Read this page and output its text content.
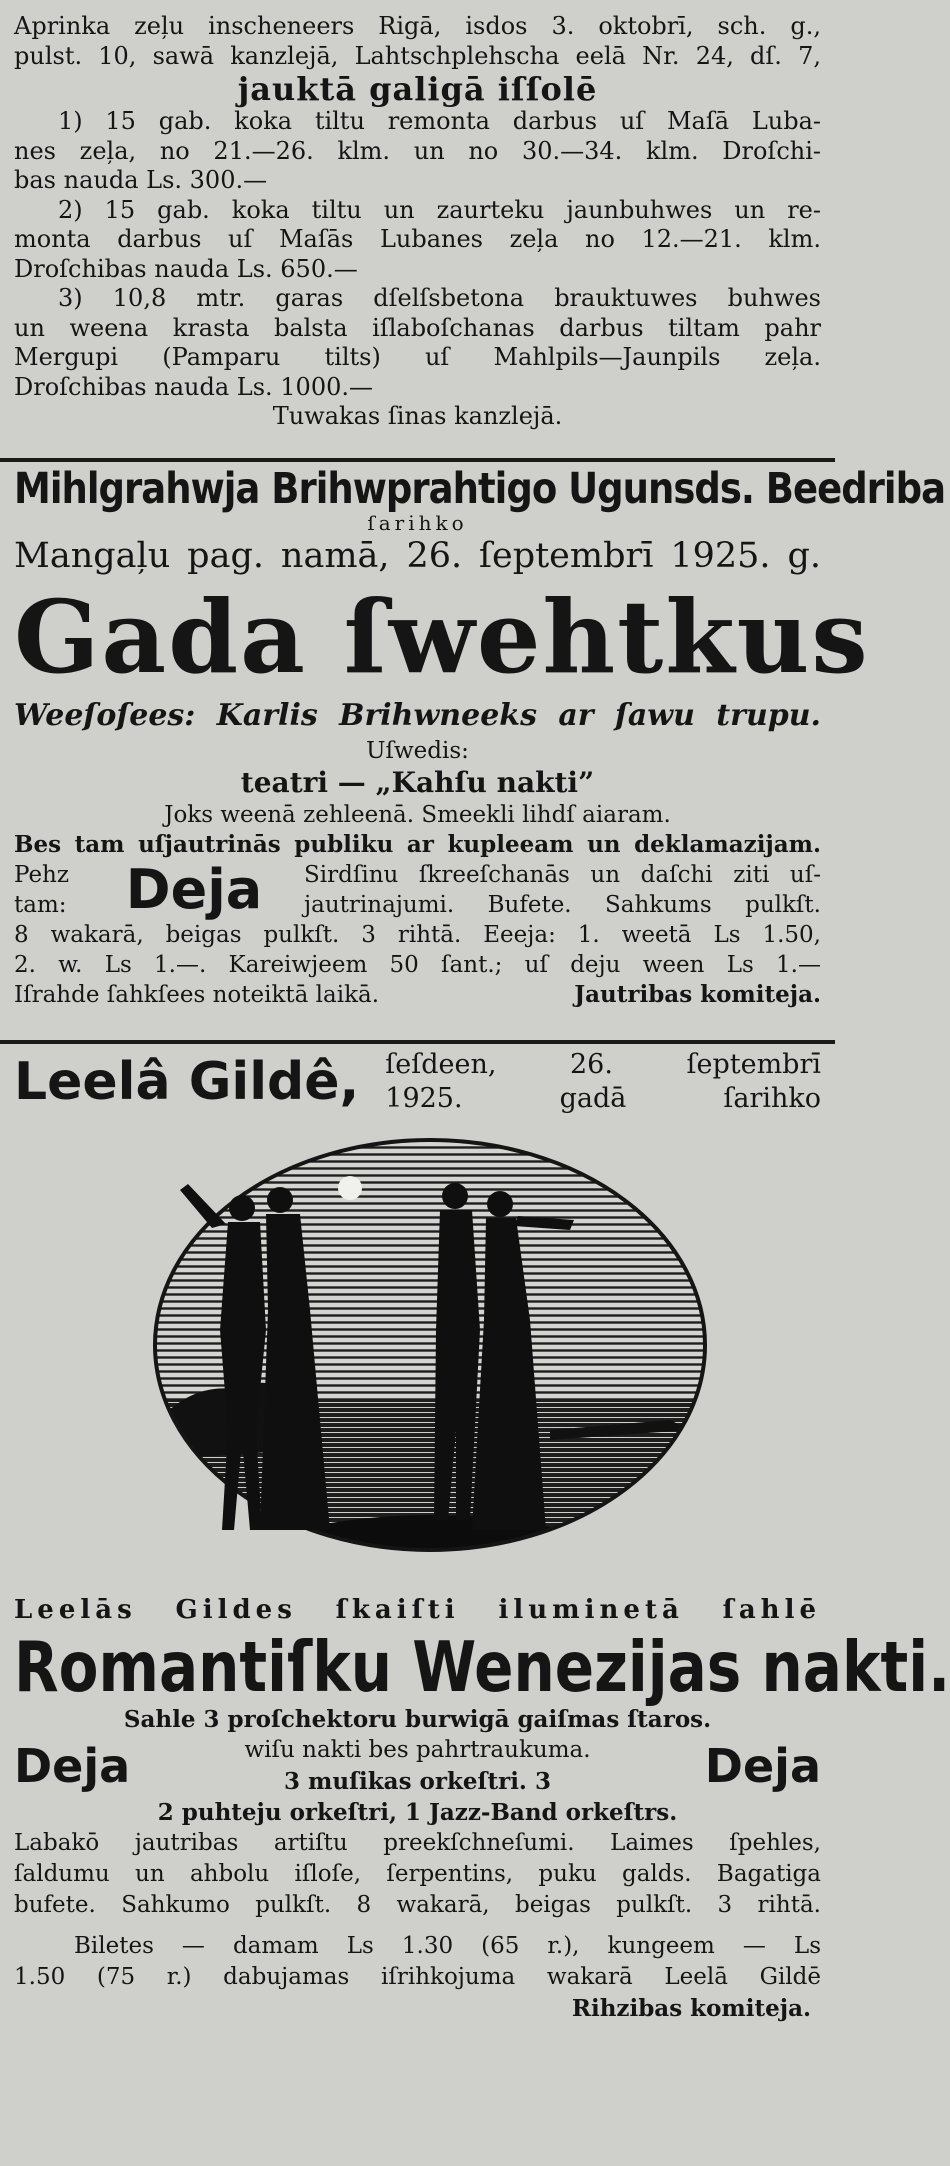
Aprinka zeļu inscheneers Rigā, isdos 3. oktobrī, sch. g.,
pulst. 10, sawā kanzlejā, Lahtschplehscha eelā Nr. 24, dſ. 7,
jauktā galigā iſſolē
1) 15 gab. koka tiltu remonta darbus uſ Maſā Luba-
nes zeļa, no 21.—26. klm. un no 30.—34. klm. Droſchi-
bas nauda Ls. 300.—
2) 15 gab. koka tiltu un zaurteku jaunbuhwes un re-
monta darbus uſ Maſās Lubanes zeļa no 12.—21. klm.
Droſchibas nauda Ls. 650.—
3) 10,8 mtr. garas dſelſsbetona brauktuwes buhwes
un weena krasta balsta iſlaboſchanas darbus tiltam pahr
Mergupi (Pamparu tilts) uſ Mahlpils—Jaunpils zeļa.
Droſchibas nauda Ls. 1000.—
Tuwakas ſinas kanzlejā.
Mihlgrahwja Brihwprahtigo Ugunsds. Beedriba
ſarihko
Mangaļu pag. namā, 26. ſeptembrī 1925. g.
Gada ſwehtkus
Weeſoſees: Karlis Brihwneeks ar ſawu trupu.
Uſwedis:
teatri — „Kahſu nakti”
Joks weenā zehleenā. Smeekli lihdſ aiaram.
Bes tam uſjautrinās publiku ar kupleeam un deklamazijam.
Pehz
tam:	Deja	Sirdſinu ſkreeſchanās un daſchi ziti uſ-
jautrinajumi. Bufete. Sahkums pulkſt.
8 wakarā, beigas pulkſt. 3 rihtā. Eeeja: 1. weetā Ls 1.50,
2. w. Ls 1.—. Kareiwjeem 50 ſant.; uſ deju ween Ls 1.—
Iſrahde ſahkſees noteiktā laikā.	Jautribas komiteja.
Leelâ Gildê, ſeſdeen, 26. ſeptembrī
1925. gadā ſarihko
Leelās Gildes ſkaiſti iluminetā ſahlē
Romantiſku Wenezijas nakti.
Sahle 3 proſchektoru burwigā gaiſmas ſtaros.
Deja	wiſu nakti bes pahrtraukuma.
3 muſikas orkeſtri. 3	Deja
2 puhteju orkeſtri, 1 Jazz-Band orkeſtrs.
Labakō jautribas artiſtu preekſchneſumi. Laimes ſpehles,
ſaldumu un ahbolu iſloſe, ſerpentins, puku galds. Bagatiga
bufete. Sahkumo pulkſt. 8 wakarā, beigas pulkſt. 3 rihtā.
Biletes — damam Ls 1.30 (65 r.), kungeem — Ls
1.50 (75 r.) dabujamas iſrihkojuma wakarā Leelā Gildē
Rihzibas komiteja.
